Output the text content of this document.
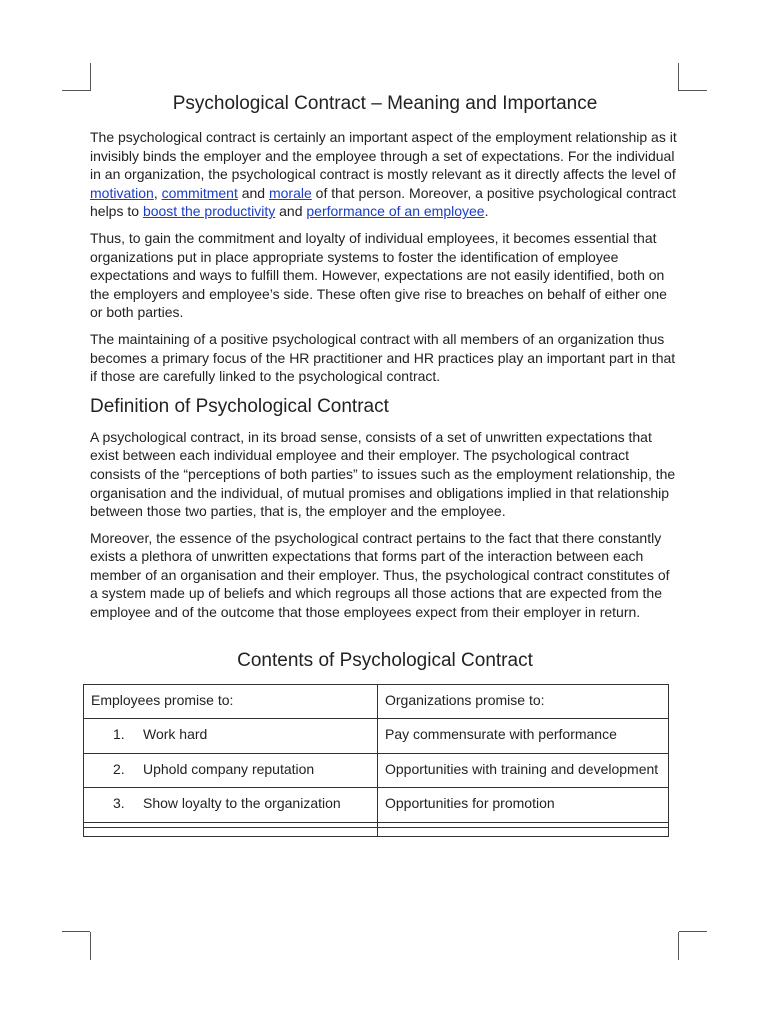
Psychological Contract – Meaning and Importance

The psychological contract is certainly an important aspect of the employment relationship as it invisibly binds the employer and the employee through a set of expectations. For the individual in an organization, the psychological contract is mostly relevant as it directly affects the level of motivation, commitment and morale of that person. Moreover, a positive psychological contract helps to boost the productivity and performance of an employee.

Thus, to gain the commitment and loyalty of individual employees, it becomes essential that organizations put in place appropriate systems to foster the identification of employee expectations and ways to fulfill them. However, expectations are not easily identified, both on the employers and employee’s side. These often give rise to breaches on behalf of either one or both parties.

The maintaining of a positive psychological contract with all members of an organization thus becomes a primary focus of the HR practitioner and HR practices play an important part in that if those are carefully linked to the psychological contract.

Definition of Psychological Contract

A psychological contract, in its broad sense, consists of a set of unwritten expectations that exist between each individual employee and their employer. The psychological contract consists of the “perceptions of both parties” to issues such as the employment relationship, the organisation and the individual, of mutual promises and obligations implied in that relationship between those two parties, that is, the employer and the employee.

Moreover, the essence of the psychological contract pertains to the fact that there constantly exists a plethora of unwritten expectations that forms part of the interaction between each member of an organisation and their employer. Thus, the psychological contract constitutes of a system made up of beliefs and which regroups all those actions that are expected from the employee and of the outcome that those employees expect from their employer in return.

Contents of Psychological Contract
Employees promise to:	Organizations promise to:
1. Work hard	Pay commensurate with performance
2. Uphold company reputation	Opportunities with training and development
3. Show loyalty to the organization	Opportunities for promotion
